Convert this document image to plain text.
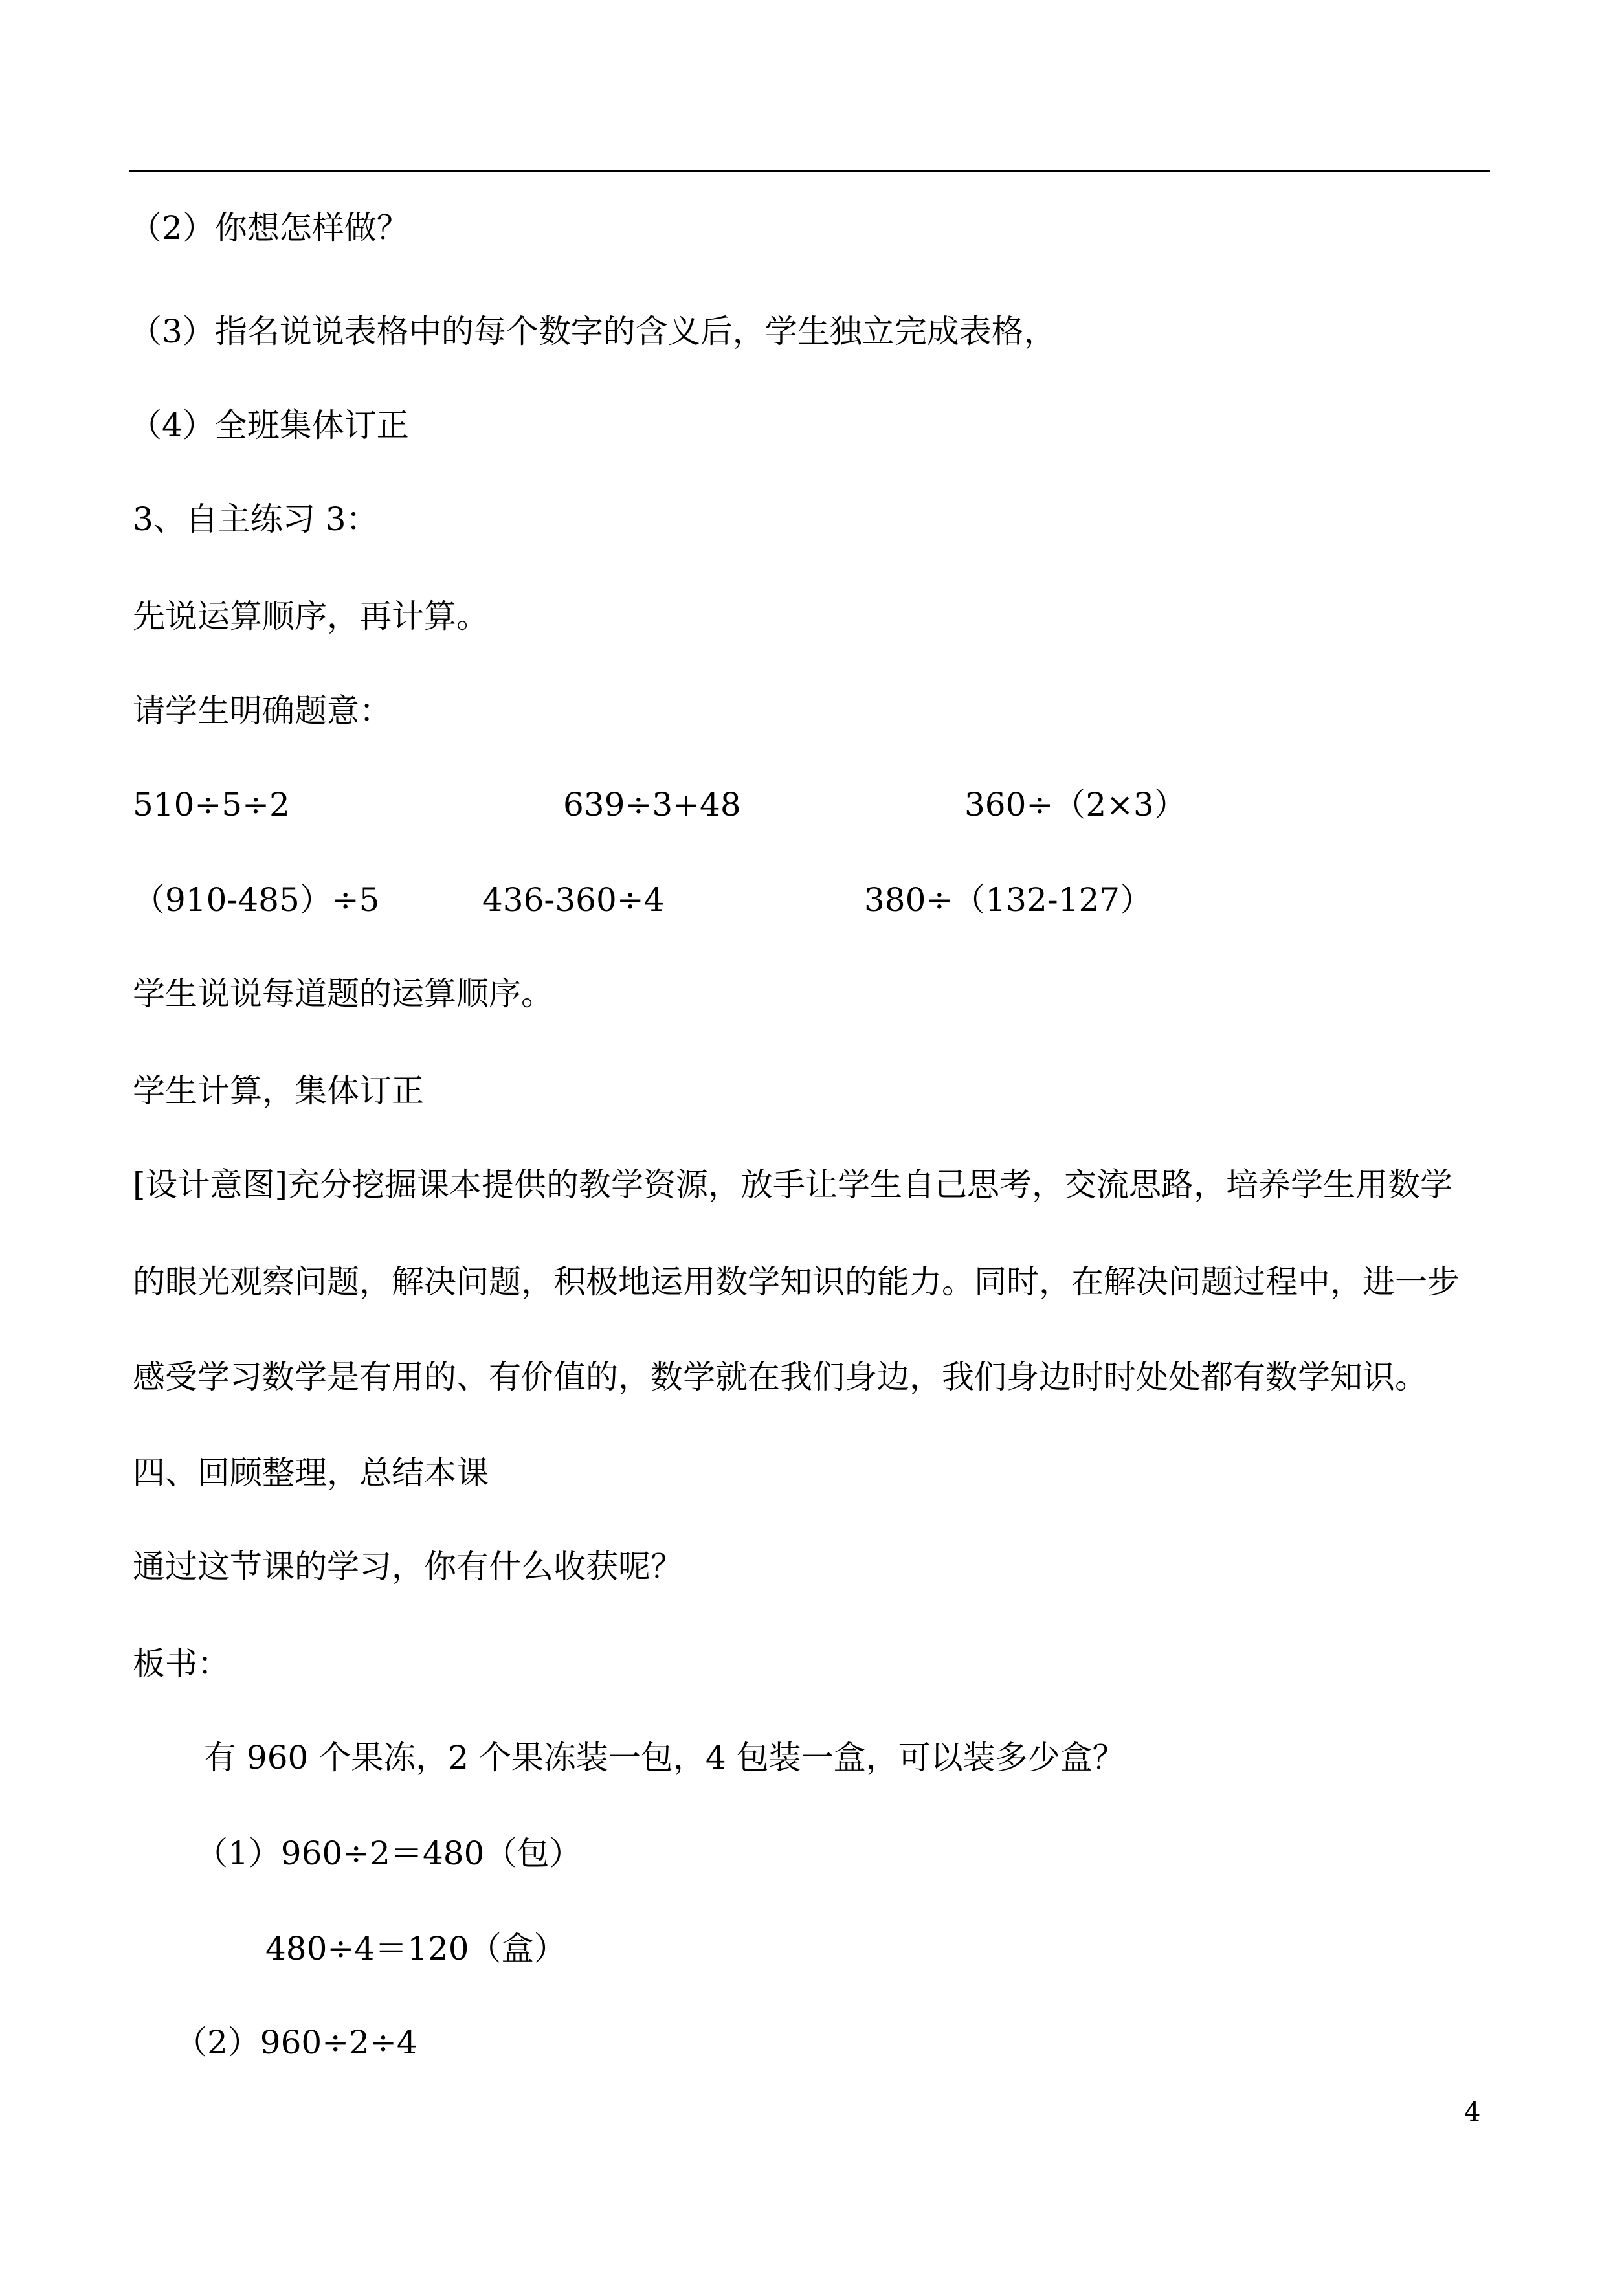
（2）你想怎样做？
（3）指名说说表格中的每个数字的含义后，学生独立完成表格，
（4）全班集体订正
3、自主练习 3：
先说运算顺序，再计算。
请学生明确题意：
510÷5÷2	639÷3+48	360÷（2×3）
（910-485）÷5	436-360÷4	380÷（132-127）
学生说说每道题的运算顺序。
学生计算，集体订正
[设计意图]充分挖掘课本提供的教学资源，放手让学生自己思考，交流思路，培养学生用数学
的眼光观察问题，解决问题，积极地运用数学知识的能力。同时，在解决问题过程中，进一步
感受学习数学是有用的、有价值的，数学就在我们身边，我们身边时时处处都有数学知识。
四、回顾整理，总结本课
通过这节课的学习，你有什么收获呢？
板书：
有 960 个果冻，2 个果冻装一包，4 包装一盒，可以装多少盒？
（1）960÷2＝480（包）
480÷4＝120（盒）
（2）960÷2÷4
4
